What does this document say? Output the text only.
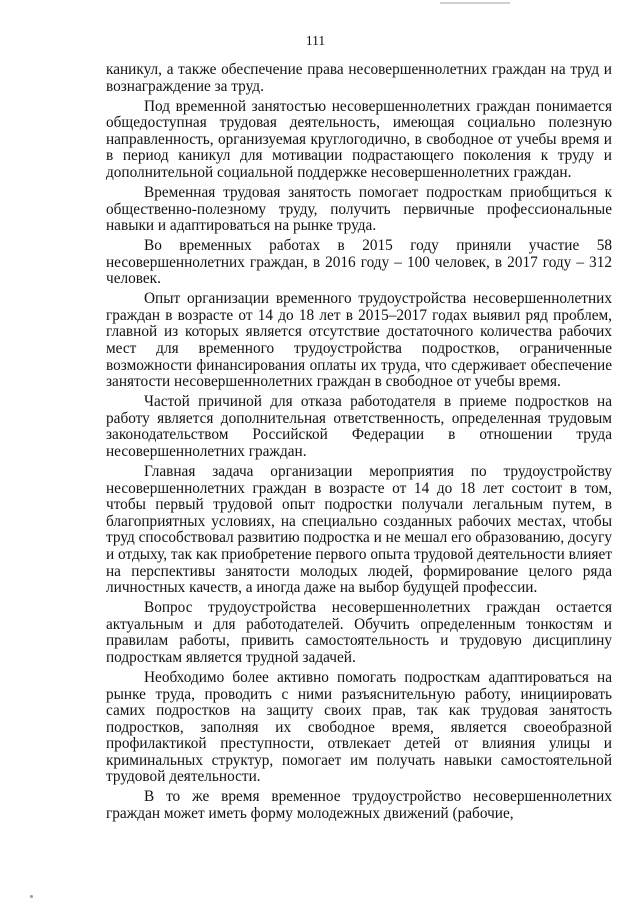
111

каникул, а также обеспечение права несовершеннолетних граждан на труд и вознаграждение за труд.

Под временной занятостью несовершеннолетних граждан понимается общедоступная трудовая деятельность, имеющая социально полезную направленность, организуемая круглогодично, в свободное от учебы время и в период каникул для мотивации подрастающего поколения к труду и дополнительной социальной поддержке несовершеннолетних граждан.

Временная трудовая занятость помогает подросткам приобщиться к общественно-полезному труду, получить первичные профессиональные навыки и адаптироваться на рынке труда.

Во временных работах в 2015 году приняли участие 58 несовершеннолетних граждан, в 2016 году – 100 человек, в 2017 году – 312 человек.

Опыт организации временного трудоустройства несовершеннолетних граждан в возрасте от 14 до 18 лет в 2015–2017 годах выявил ряд проблем, главной из которых является отсутствие достаточного количества рабочих мест для временного трудоустройства подростков, ограниченные возможности финансирования оплаты их труда, что сдерживает обеспечение занятости несовершеннолетних граждан в свободное от учебы время.

Частой причиной для отказа работодателя в приеме подростков на работу является дополнительная ответственность, определенная трудовым законодательством Российской Федерации в отношении труда несовершеннолетних граждан.

Главная задача организации мероприятия по трудоустройству несовершеннолетних граждан в возрасте от 14 до 18 лет состоит в том, чтобы первый трудовой опыт подростки получали легальным путем, в благоприятных условиях, на специально созданных рабочих местах, чтобы труд способствовал развитию подростка и не мешал его образованию, досугу и отдыху, так как приобретение первого опыта трудовой деятельности влияет на перспективы занятости молодых людей, формирование целого ряда личностных качеств, а иногда даже на выбор будущей профессии.

Вопрос трудоустройства несовершеннолетних граждан остается актуальным и для работодателей. Обучить определенным тонкостям и правилам работы, привить самостоятельность и трудовую дисциплину подросткам является трудной задачей.

Необходимо более активно помогать подросткам адаптироваться на рынке труда, проводить с ними разъяснительную работу, инициировать самих подростков на защиту своих прав, так как трудовая занятость подростков, заполняя их свободное время, является своеобразной профилактикой преступности, отвлекает детей от влияния улицы и криминальных структур, помогает им получать навыки самостоятельной трудовой деятельности.

В то же время временное трудоустройство несовершеннолетних граждан может иметь форму молодежных движений (рабочие,
